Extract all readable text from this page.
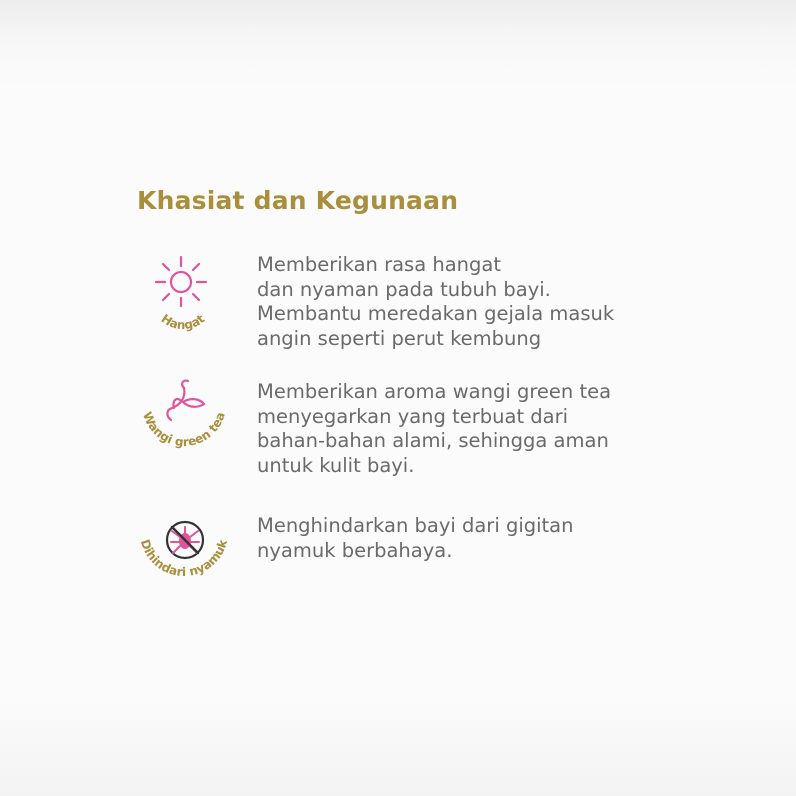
Khasiat dan Kegunaan
Hangat
Memberikan rasa hangat
dan nyaman pada tubuh bayi.
Membantu meredakan gejala masuk
angin seperti perut kembung
Wangi green tea
Memberikan aroma wangi green tea
menyegarkan yang terbuat dari
bahan-bahan alami, sehingga aman
untuk kulit bayi.
Dihindari nyamuk
Menghindarkan bayi dari gigitan
nyamuk berbahaya.
